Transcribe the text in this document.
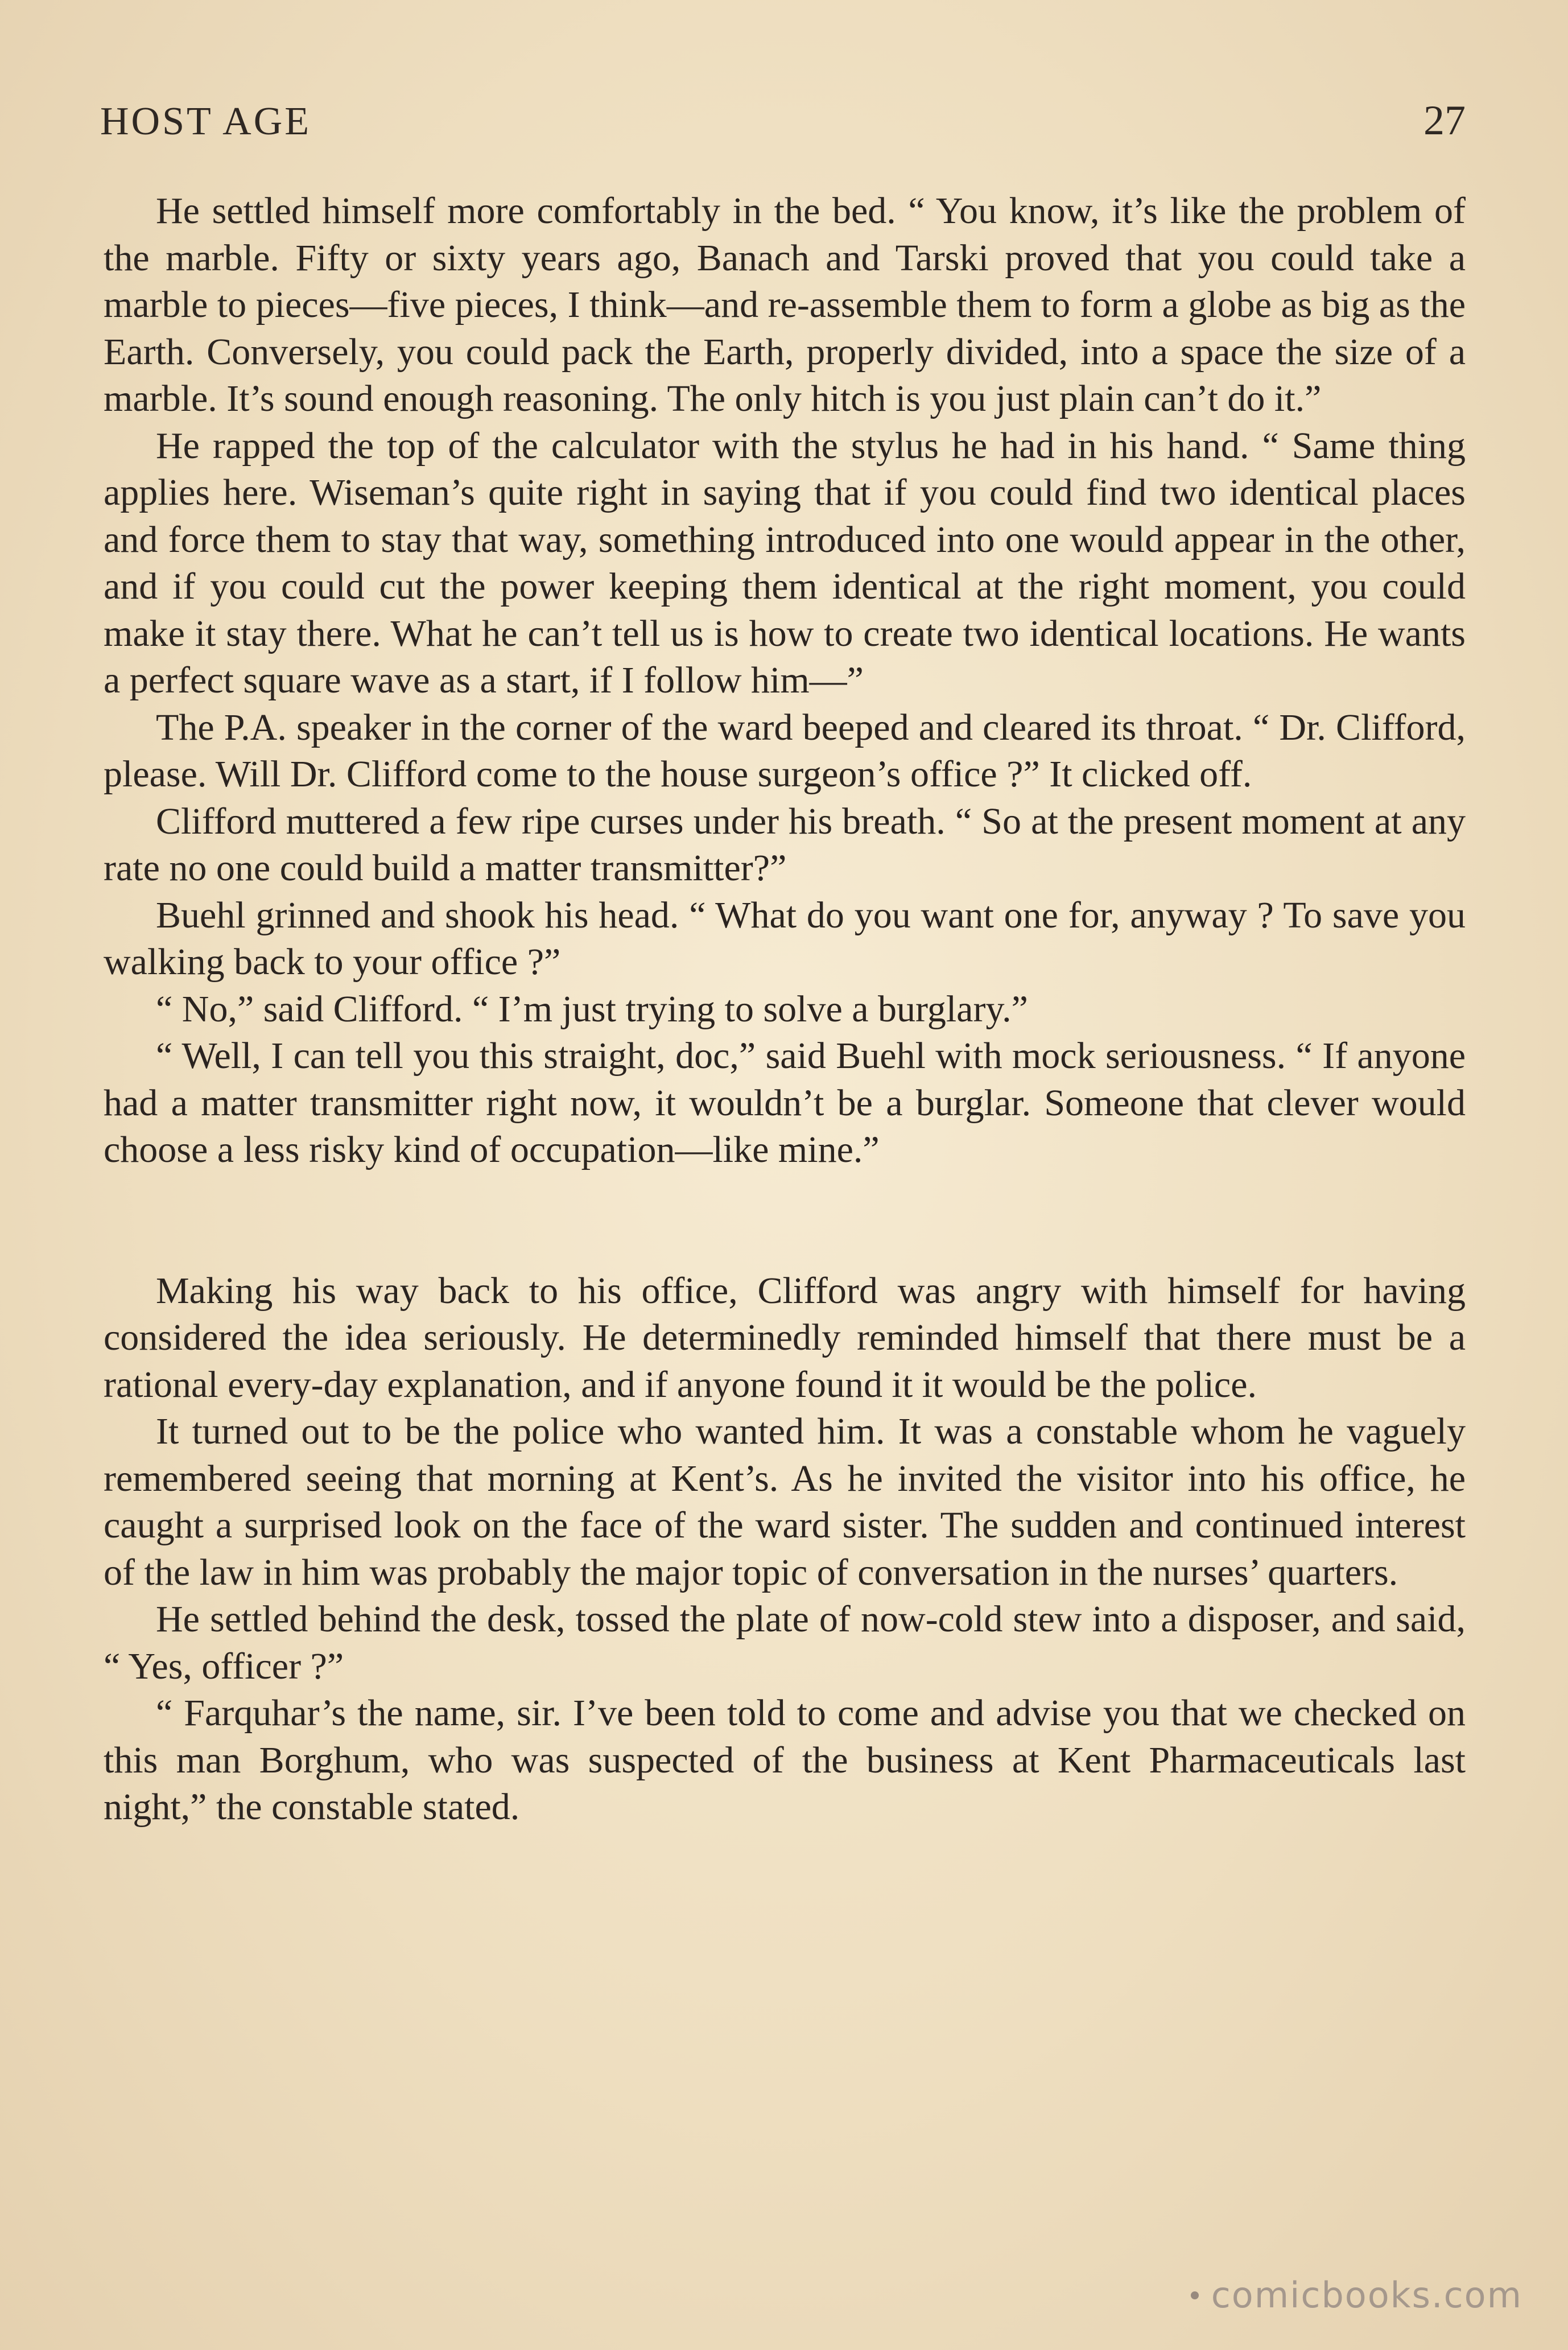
HOST AGE	27

He settled himself more comfortably in the bed. “ You know, it’s like the problem of the marble. Fifty or sixty years ago, Banach and Tarski proved that you could take a marble to pieces—five pieces, I think—and re-assemble them to form a globe as big as the Earth. Conversely, you could pack the Earth, properly divided, into a space the size of a marble. It’s sound enough reasoning. The only hitch is you just plain can’t do it.”

He rapped the top of the calculator with the stylus he had in his hand. “ Same thing applies here. Wiseman’s quite right in saying that if you could find two identical places and force them to stay that way, something introduced into one would appear in the other, and if you could cut the power keeping them identical at the right moment, you could make it stay there. What he can’t tell us is how to create two identical locations. He wants a perfect square wave as a start, if I follow him—”

The P.A. speaker in the corner of the ward beeped and cleared its throat. “ Dr. Clifford, please. Will Dr. Clifford come to the house surgeon’s office ?” It clicked off.

Clifford muttered a few ripe curses under his breath. “ So at the present moment at any rate no one could build a matter transmitter?”

Buehl grinned and shook his head. “ What do you want one for, anyway ? To save you walking back to your office ?”

“ No,” said Clifford. “ I’m just trying to solve a burglary.”

“ Well, I can tell you this straight, doc,” said Buehl with mock seriousness. “ If anyone had a matter transmitter right now, it wouldn’t be a burglar. Someone that clever would choose a less risky kind of occupation—like mine.”

Making his way back to his office, Clifford was angry with himself for having considered the idea seriously. He determinedly reminded himself that there must be a rational every-day explanation, and if anyone found it it would be the police.

It turned out to be the police who wanted him. It was a constable whom he vaguely remembered seeing that morning at Kent’s. As he invited the visitor into his office, he caught a surprised look on the face of the ward sister. The sudden and continued interest of the law in him was probably the major topic of conversation in the nurses’ quarters.

He settled behind the desk, tossed the plate of now-cold stew into a disposer, and said, “ Yes, officer ?”

“ Farquhar’s the name, sir. I’ve been told to come and advise you that we checked on this man Borghum, who was suspected of the business at Kent Pharmaceuticals last night,” the constable stated.

comicbooks.com
